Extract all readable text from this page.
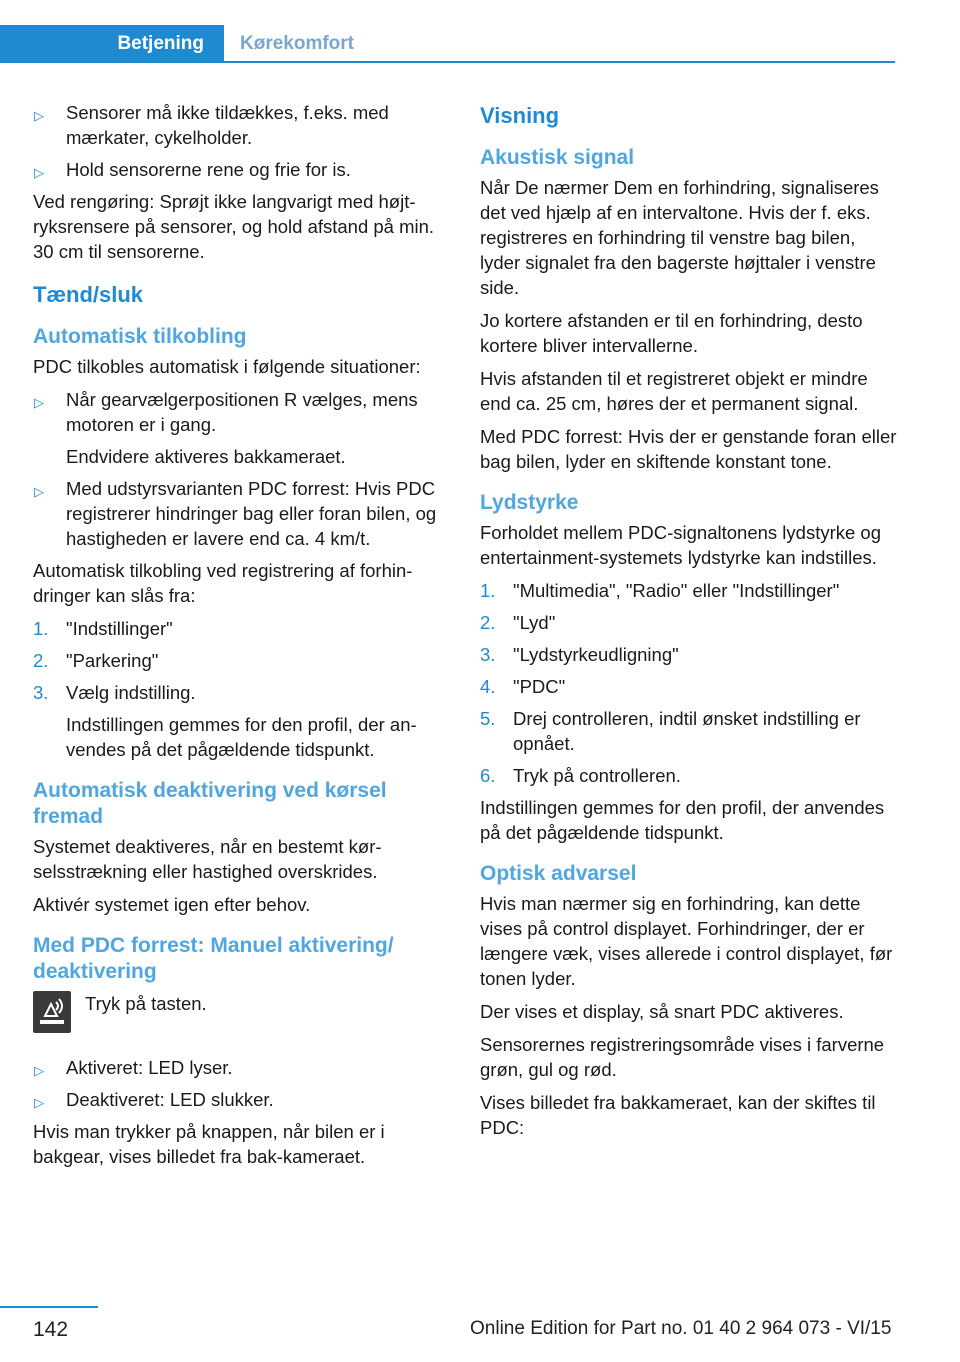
Betjening	Kørekomfort
▷ Sensorer må ikke tildækkes, f.eks. med mærkater, cykelholder.
▷ Hold sensorerne rene og frie for is.

Ved rengøring: Sprøjt ikke langvarigt med højtryksrensere på sensorer, og hold afstand på min. 30 cm til sensorerne.

Tænd/sluk
Automatisk tilkobling

PDC tilkobles automatisk i følgende situationer:

▷ Når gearvælgerpositionen R vælges, mens motoren er i gang.
Endvidere aktiveres bakkameraet.
▷ Med udstyrsvarianten PDC forrest: Hvis PDC registrerer hindringer bag eller foran bilen, og hastigheden er lavere end ca. 4 km/t.

Automatisk tilkobling ved registrering af forhindringer kan slås fra:

1. "Indstillinger"
2. "Parkering"
3. Vælg indstilling.
Indstillingen gemmes for den profil, der anvendes på det pågældende tidspunkt.
Automatisk deaktivering ved kørsel fremad

Systemet deaktiveres, når en bestemt kørselsstrækning eller hastighed overskrides.

Aktivér systemet igen efter behov.

Med PDC forrest: Manuel aktivering/ deaktivering
Tryk på tasten.
▷ Aktiveret: LED lyser.
▷ Deaktiveret: LED slukker.

Hvis man trykker på knappen, når bilen er i bakgear, vises billedet fra bak-kameraet.

Visning
Akustisk signal

Når De nærmer Dem en forhindring, signaliseres det ved hjælp af en intervaltone. Hvis der f. eks. registreres en forhindring til venstre bag bilen, lyder signalet fra den bagerste højttaler i venstre side.

Jo kortere afstanden er til en forhindring, desto kortere bliver intervallerne.

Hvis afstanden til et registreret objekt er mindre end ca. 25 cm, høres der et permanent signal.

Med PDC forrest: Hvis der er genstande foran eller bag bilen, lyder en skiftende konstant tone.

Lydstyrke

Forholdet mellem PDC-signaltonens lydstyrke og entertainment-systemets lydstyrke kan indstilles.

1. "Multimedia", "Radio" eller "Indstillinger"
2. "Lyd"
3. "Lydstyrkeudligning"
4. "PDC"
5. Drej controlleren, indtil ønsket indstilling er opnået.
6. Tryk på controlleren.

Indstillingen gemmes for den profil, der anvendes på det pågældende tidspunkt.

Optisk advarsel

Hvis man nærmer sig en forhindring, kan dette vises på control displayet. Forhindringer, der er længere væk, vises allerede i control displayet, før tonen lyder.

Der vises et display, så snart PDC aktiveres.

Sensorernes registreringsområde vises i farverne grøn, gul og rød.

Vises billedet fra bakkameraet, kan der skiftes til PDC:

142	Online Edition for Part no. 01 40 2 964 073 - VI/15
